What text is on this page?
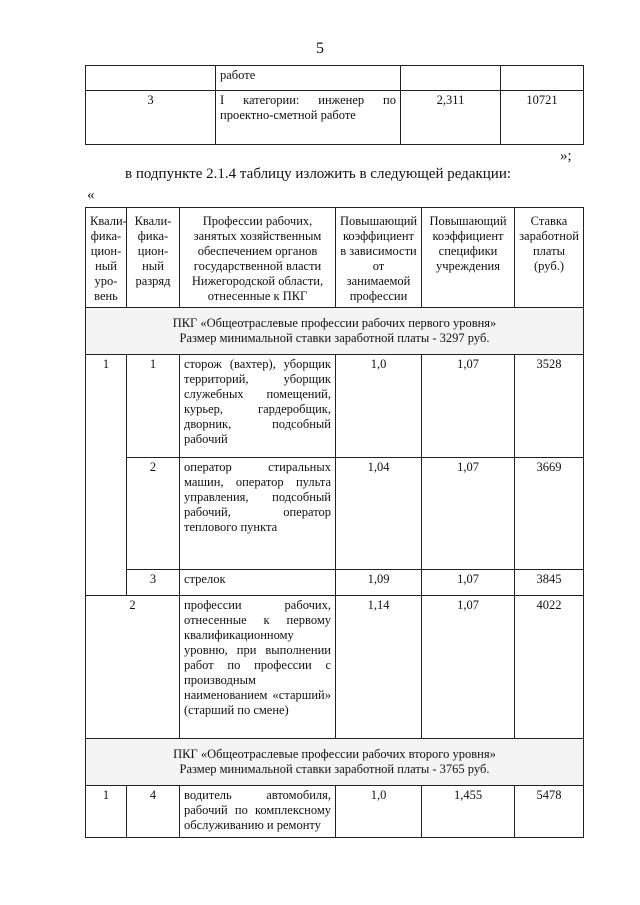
5
	работе		
3	I категории: инженер по проектно-сметной работе	2,311	10721
»;
в подпункте 2.1.4 таблицу изложить в следующей редакции:
«
Квали-фика-цион-ный уро-вень	Квали-фика-цион-ный разряд	Профессии рабочих, занятых хозяйственным обеспечением органов государственной власти Нижегородской области, отнесенные к ПКГ	Повышающий коэффициент в зависимости от занимаемой профессии	Повышающий коэффициент специфики учреждения	Ставка заработной платы (руб.)

ПКГ «Общеотраслевые профессии рабочих первого уровня»
Размер минимальной ставки заработной платы - 3297 руб.					

1	1	сторож (вахтер), уборщик территорий, уборщик служебных помещений, курьер, гардеробщик, дворник, подсобный рабочий	1,0	1,07	3528
	2	оператор стиральных машин, оператор пульта управления, подсобный рабочий, оператор теплового пункта	1,04	1,07	3669
	3	стрелок	1,09	1,07	3845
2		профессии рабочих, отнесенные к первому квалификационному уровню, при выполнении работ по профессии с производным наименованием «старший» (старший по смене)	1,14	1,07	4022

ПКГ «Общеотраслевые профессии рабочих второго уровня»
Размер минимальной ставки заработной платы - 3765 руб.					

1	4	водитель автомобиля, рабочий по комплексному обслуживанию и ремонту	1,0	1,455	5478
